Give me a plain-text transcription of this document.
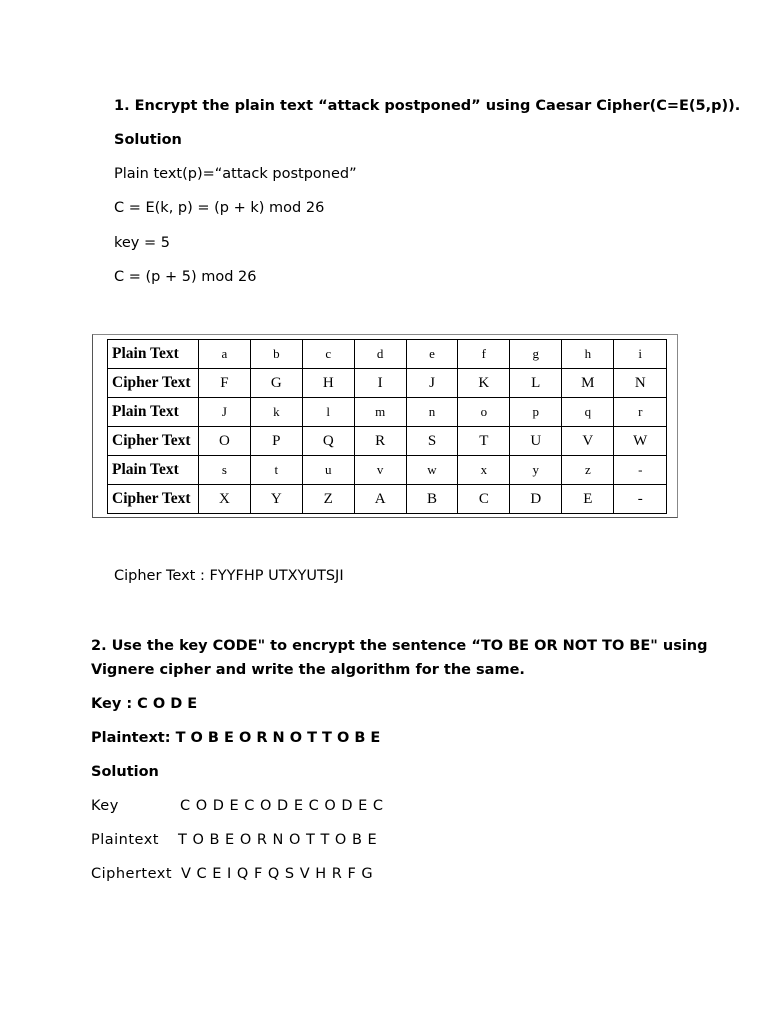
1. Encrypt the plain text “attack postponed” using Caesar Cipher(C=E(5,p)).
Solution
Plain text(p)=“attack postponed”
C = E(k, p) = (p + k) mod 26
key = 5
C = (p + 5) mod 26
Plain Text	a	b	c	d	e	f	g	h	i
Cipher Text	F	G	H	I	J	K	L	M	N
Plain Text	J	k	l	m	n	o	p	q	r
Cipher Text	O	P	Q	R	S	T	U	V	W
Plain Text	s	t	u	v	w	x	y	z	-
Cipher Text	X	Y	Z	A	B	C	D	E	-
Cipher Text : FYYFHP UTXYUTSJI
2. Use the key CODE" to encrypt the sentence “TO BE OR NOT TO BE" using
Vignere cipher and write the algorithm for the same.
Key : C O D E
Plaintext: T O B E O R N O T T O B E
Solution
Key	C O D E C O D E C O D E C
Plaintext T O B E O R N O T T O B E
Ciphertext V C E I Q F Q S V H R F G
